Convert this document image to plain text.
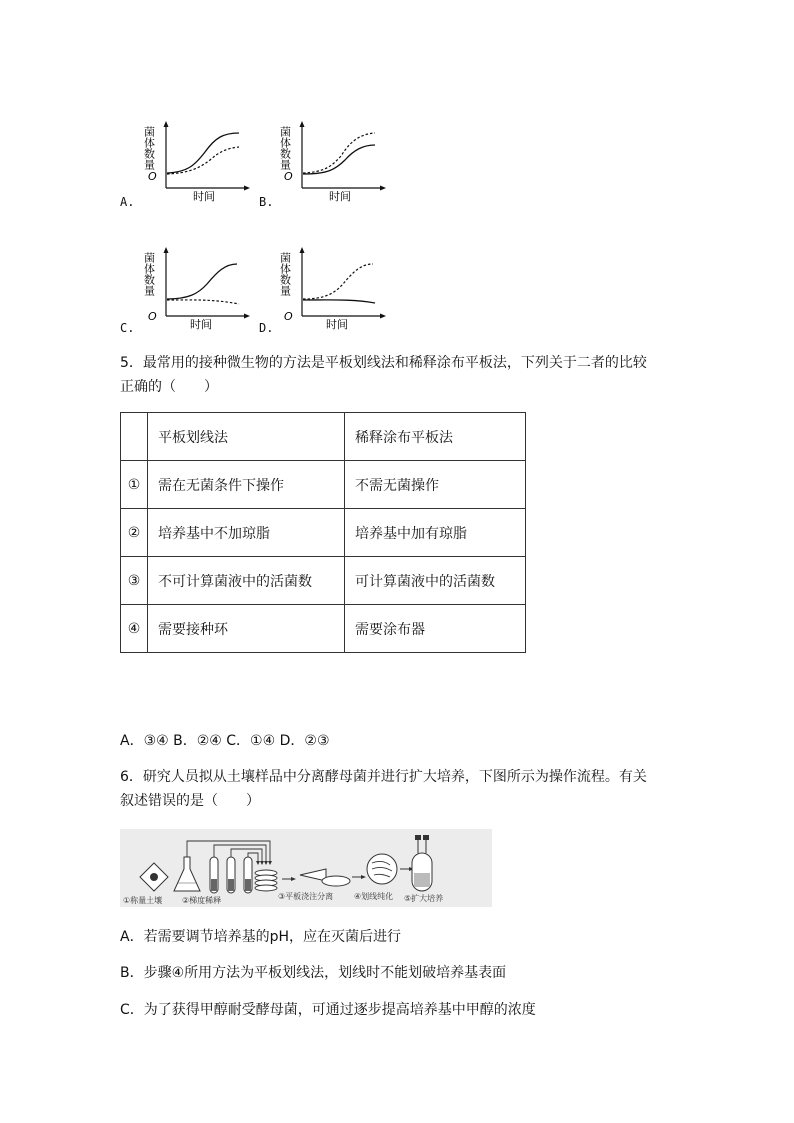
O
时间
菌体数量
A.
O
时间
菌体数量
B.
O
时间
菌体数量
C.
O
时间
菌体数量
D.
5．最常用的接种微生物的方法是平板划线法和稀释涂布平板法，下列关于二者的比较
正确的（　　）
	平板划线法	稀释涂布平板法
①	需在无菌条件下操作	不需无菌操作
②	培养基中不加琼脂	培养基中加有琼脂
③	不可计算菌液中的活菌数	可计算菌液中的活菌数
④	需要接种环	需要涂布器
A．③④ B．②④ C．①④ D．②③
6．研究人员拟从土壤样品中分离酵母菌并进行扩大培养，下图所示为操作流程。有关
叙述错误的是（　　）
①称量土壤 ②梯度稀释	③平板浇注分离	④划线纯化 ⑤扩大培养
A．若需要调节培养基的pH，应在灭菌后进行
B．步骤④所用方法为平板划线法，划线时不能划破培养基表面
C．为了获得甲醇耐受酵母菌，可通过逐步提高培养基中甲醇的浓度
